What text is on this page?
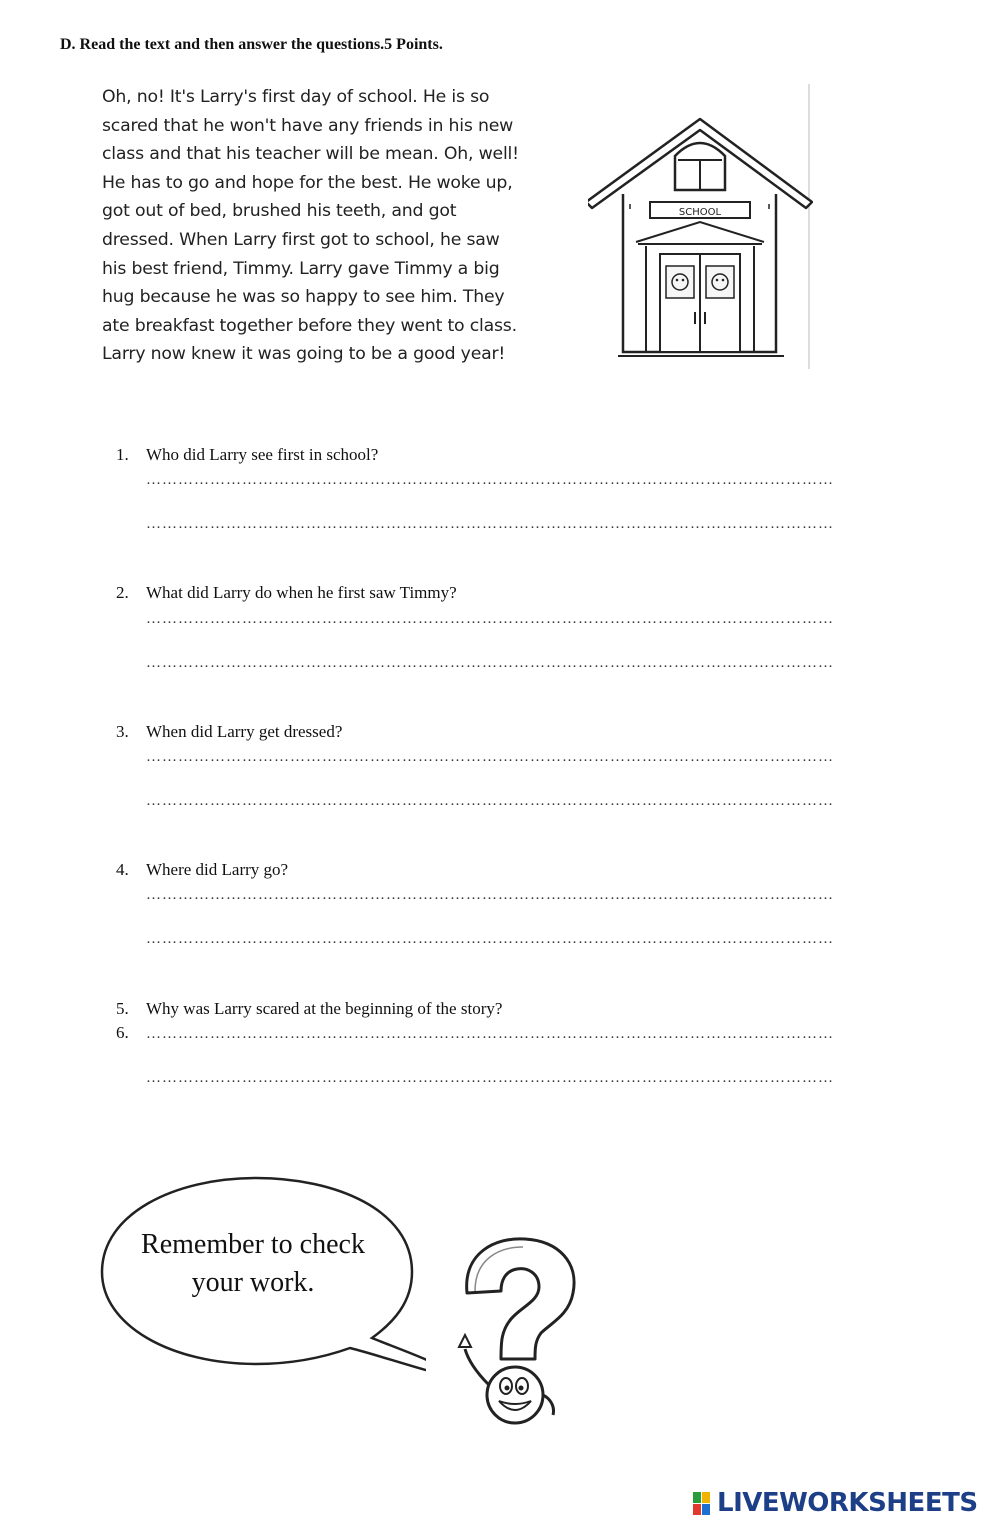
D. Read the text and then answer the questions.5 Points.
Oh, no! It's Larry's first day of school. He is so
scared that he won't have any friends in his new
class and that his teacher will be mean. Oh, well!
He has to go and hope for the best. He woke up,
got out of bed, brushed his teeth, and got
dressed. When Larry first got to school, he saw
his best friend, Timmy. Larry gave Timmy a big
hug because he was so happy to see him. They
ate breakfast together before they went to class.
Larry now knew it was going to be a good year!
SCHOOL
1. Who did Larry see first in school?
…………………………………………………………………………………………………………………
…………………………………………………………………………………………………………………
2. What did Larry do when he first saw Timmy?
…………………………………………………………………………………………………………………
…………………………………………………………………………………………………………………
3. When did Larry get dressed?
…………………………………………………………………………………………………………………
…………………………………………………………………………………………………………………
4. Where did Larry go?
…………………………………………………………………………………………………………………
…………………………………………………………………………………………………………………
5. Why was Larry scared at the beginning of the story?
6. …………………………………………………………………………………………………………………
…………………………………………………………………………………………………………………
Remember to check your work.
LIVEWORKSHEETS
